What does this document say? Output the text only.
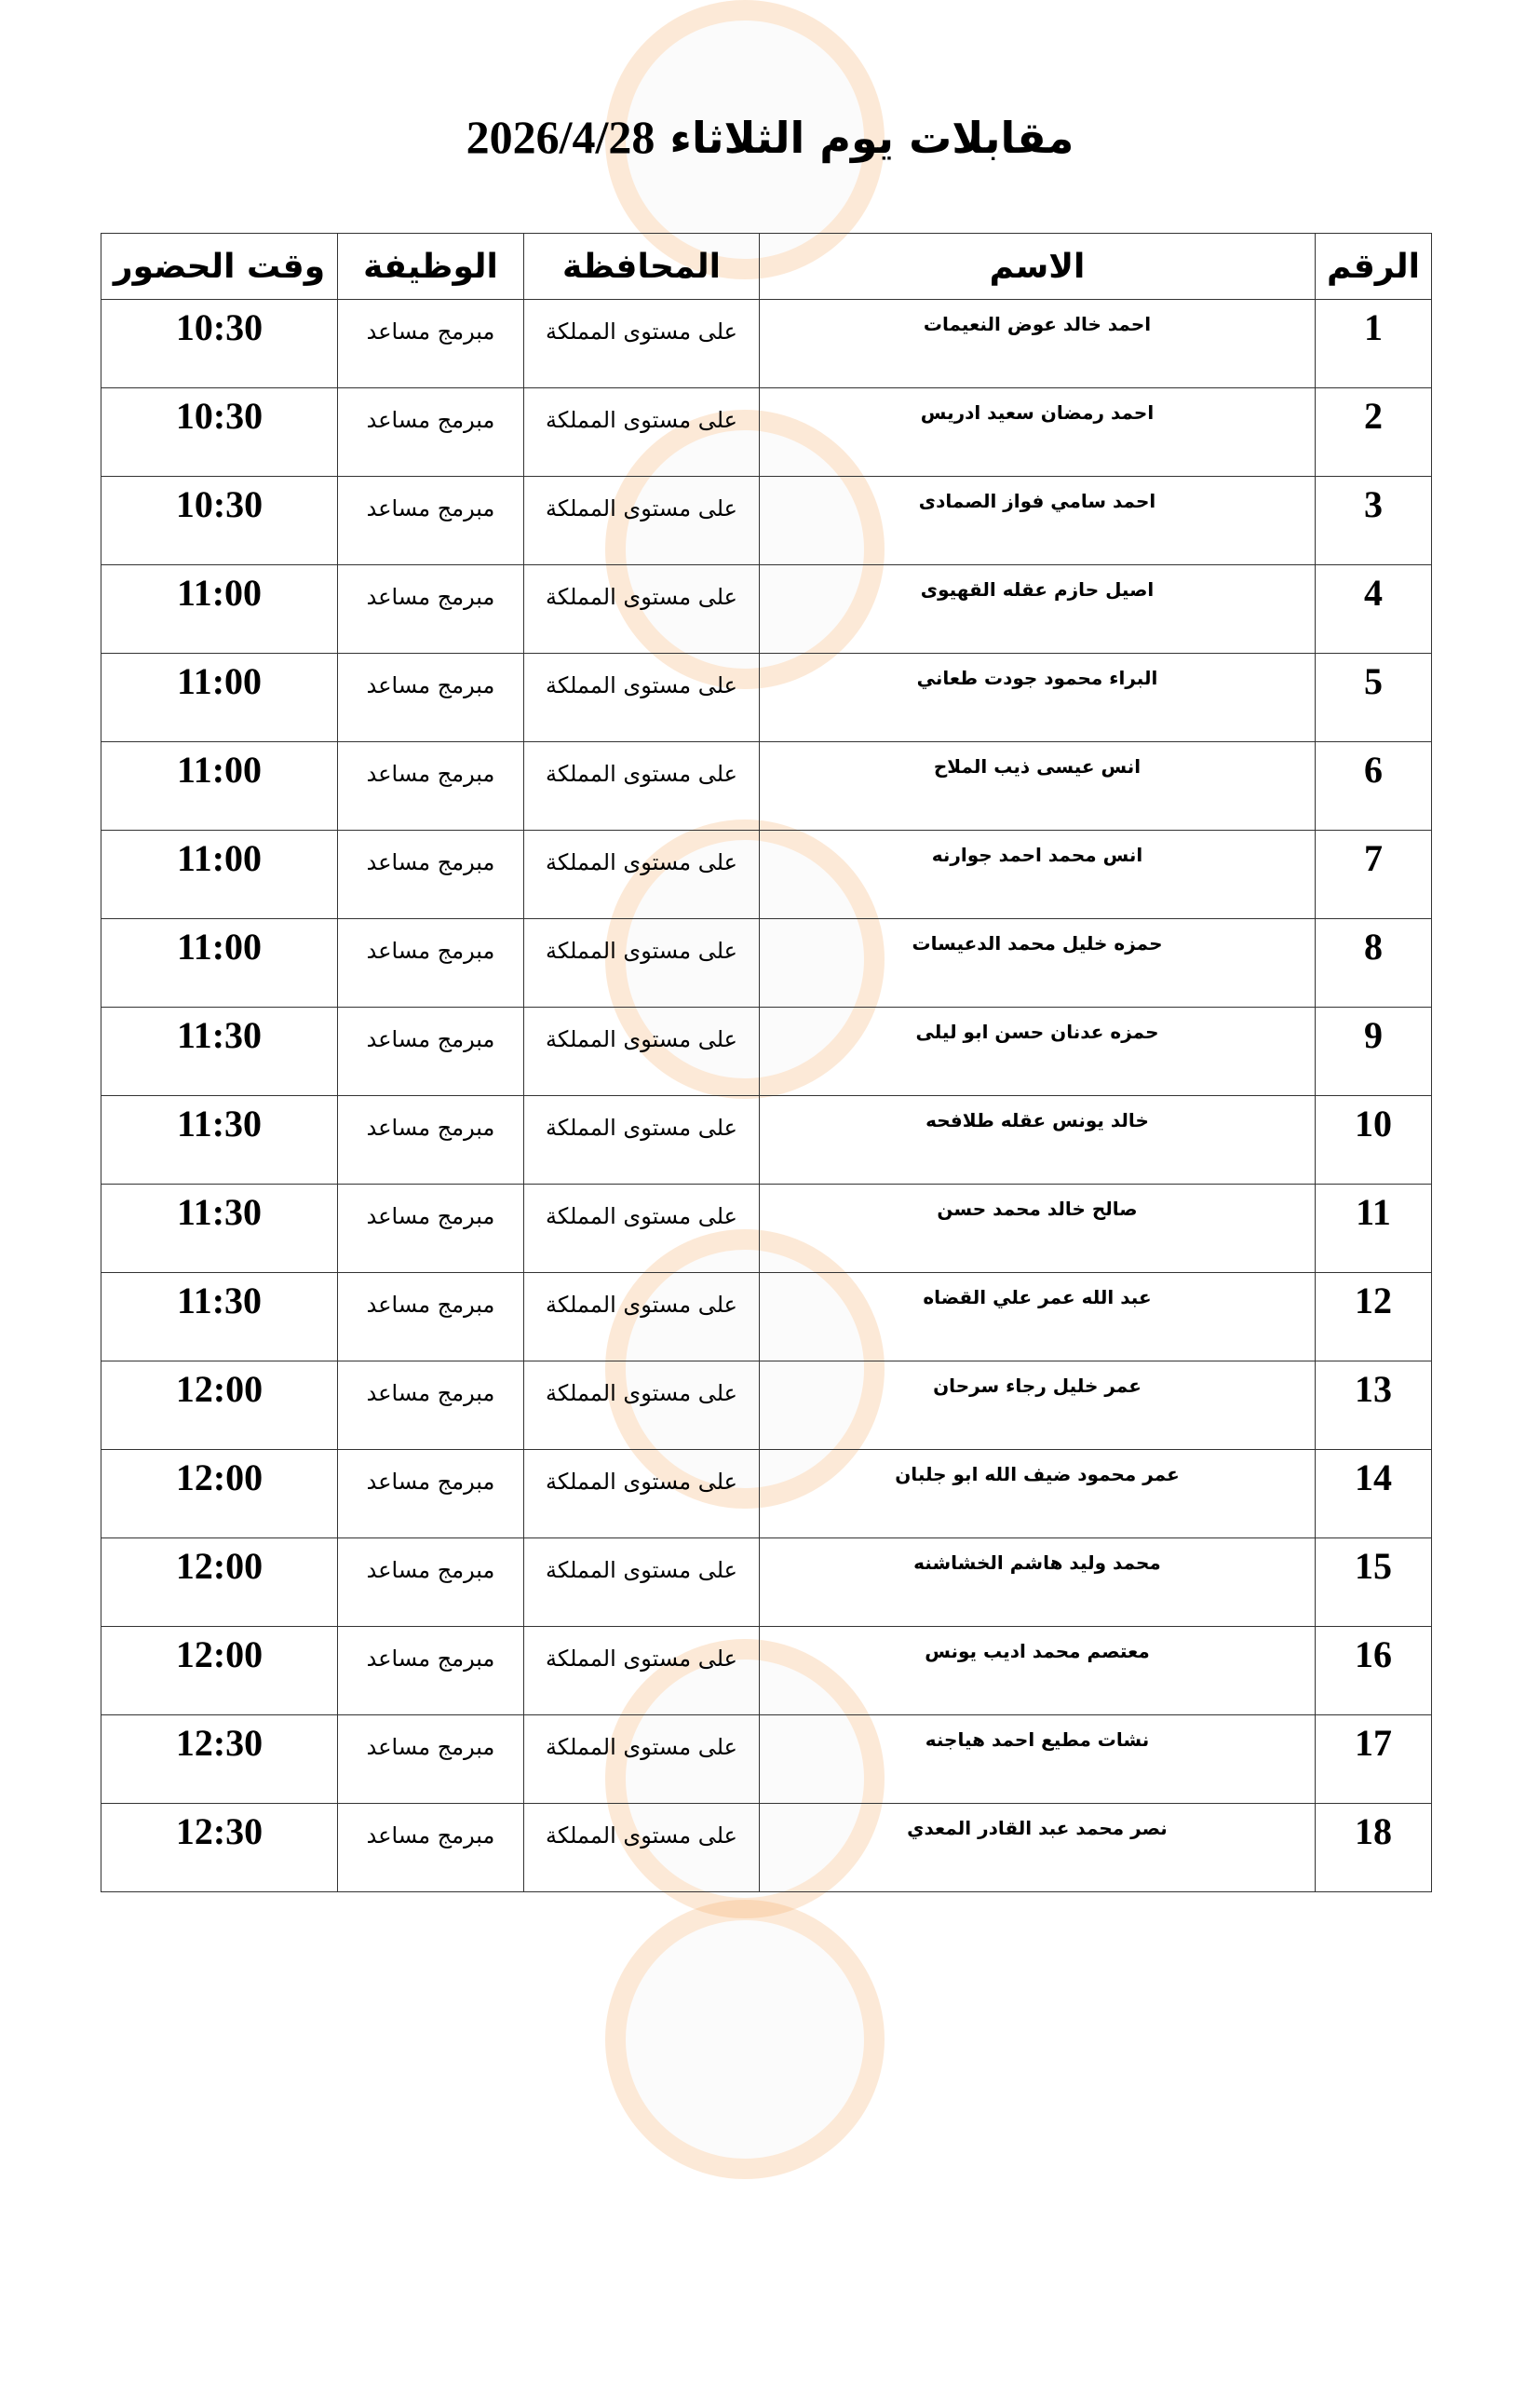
مقابلات يوم الثلاثاء 2026/4/28
الرقم	الاسم	المحافظة	الوظيفة	وقت الحضور
1	احمد خالد عوض النعيمات	على مستوى المملكة	مبرمج مساعد	10:30
2	احمد رمضان سعيد ادريس	على مستوى المملكة	مبرمج مساعد	10:30
3	احمد سامي فواز الصمادى	على مستوى المملكة	مبرمج مساعد	10:30
4	اصيل حازم عقله القهيوى	على مستوى المملكة	مبرمج مساعد	11:00
5	البراء محمود جودت طعاني	على مستوى المملكة	مبرمج مساعد	11:00
6	انس عيسى ذيب الملاح	على مستوى المملكة	مبرمج مساعد	11:00
7	انس محمد احمد جوارنه	على مستوى المملكة	مبرمج مساعد	11:00
8	حمزه خليل محمد الدعيسات	على مستوى المملكة	مبرمج مساعد	11:00
9	حمزه عدنان حسن ابو ليلى	على مستوى المملكة	مبرمج مساعد	11:30
10	خالد يونس عقله طلافحه	على مستوى المملكة	مبرمج مساعد	11:30
11	صالح خالد محمد حسن	على مستوى المملكة	مبرمج مساعد	11:30
12	عبد الله عمر علي القضاه	على مستوى المملكة	مبرمج مساعد	11:30
13	عمر خليل رجاء سرحان	على مستوى المملكة	مبرمج مساعد	12:00
14	عمر محمود ضيف الله ابو جلبان	على مستوى المملكة	مبرمج مساعد	12:00
15	محمد وليد هاشم الخشاشنه	على مستوى المملكة	مبرمج مساعد	12:00
16	معتصم محمد اديب يونس	على مستوى المملكة	مبرمج مساعد	12:00
17	نشات مطيع احمد هياجنه	على مستوى المملكة	مبرمج مساعد	12:30
18	نصر محمد عبد القادر المعدي	على مستوى المملكة	مبرمج مساعد	12:30
